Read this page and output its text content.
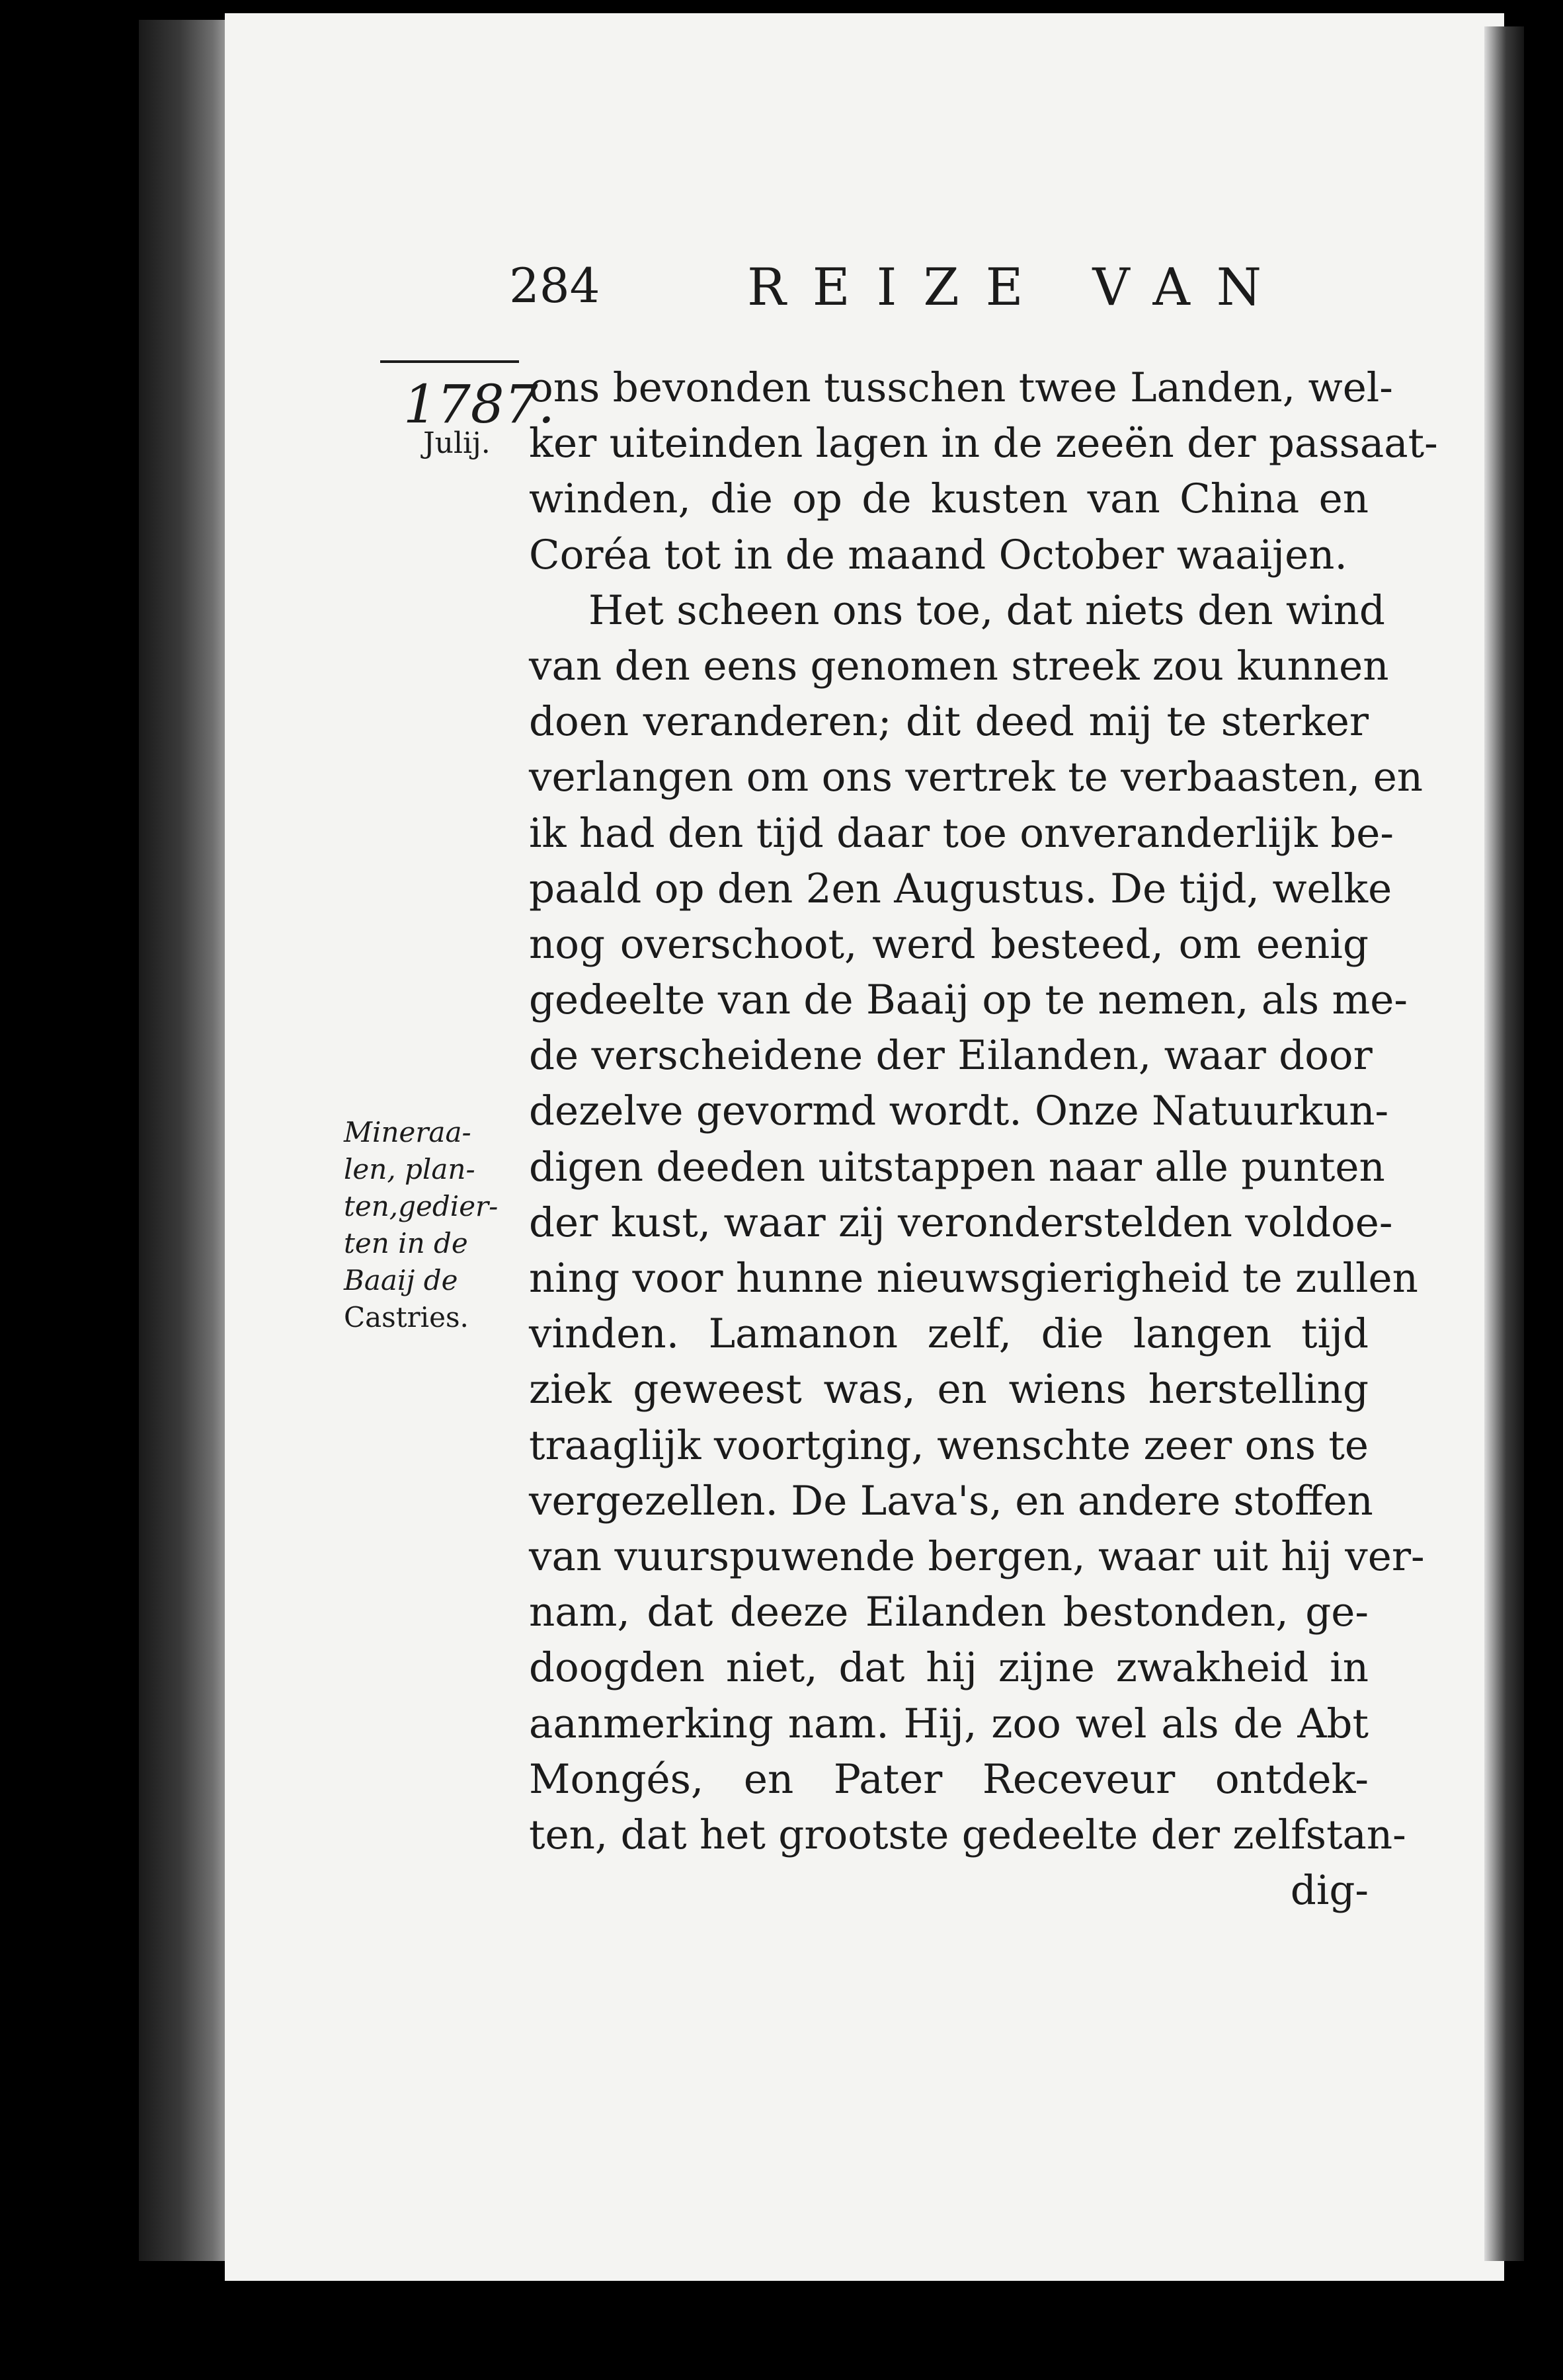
284	REIZE VAN
1787.
Julij.
Mineraa-
len, plan-
ten,gedier-
ten in de
Baaij de
Castries.
ons bevonden tusschen twee Landen, wel-
ker uiteinden lagen in de zeeën der passaat-
winden, die op de kusten van China en
Coréa tot in de maand October waaijen.
Het scheen ons toe, dat niets den wind
van den eens genomen streek zou kunnen
doen veranderen; dit deed mij te sterker
verlangen om ons vertrek te verbaasten, en
ik had den tijd daar toe onveranderlijk be-
paald op den 2en Augustus. De tijd, welke
nog overschoot, werd besteed, om eenig
gedeelte van de Baaij op te nemen, als me-
de verscheidene der Eilanden, waar door
dezelve gevormd wordt. Onze Natuurkun-
digen deeden uitstappen naar alle punten
der kust, waar zij veronderstelden voldoe-
ning voor hunne nieuwsgierigheid te zullen
vinden. Lamanon zelf, die langen tijd
ziek geweest was, en wiens herstelling
traaglijk voortging, wenschte zeer ons te
vergezellen. De Lava's, en andere stoffen
van vuurspuwende bergen, waar uit hij ver-
nam, dat deeze Eilanden bestonden, ge-
doogden niet, dat hij zijne zwakheid in
aanmerking nam. Hij, zoo wel als de Abt
Mongés, en Pater Receveur ontdek-
ten, dat het grootste gedeelte der zelfstan-
dig-
